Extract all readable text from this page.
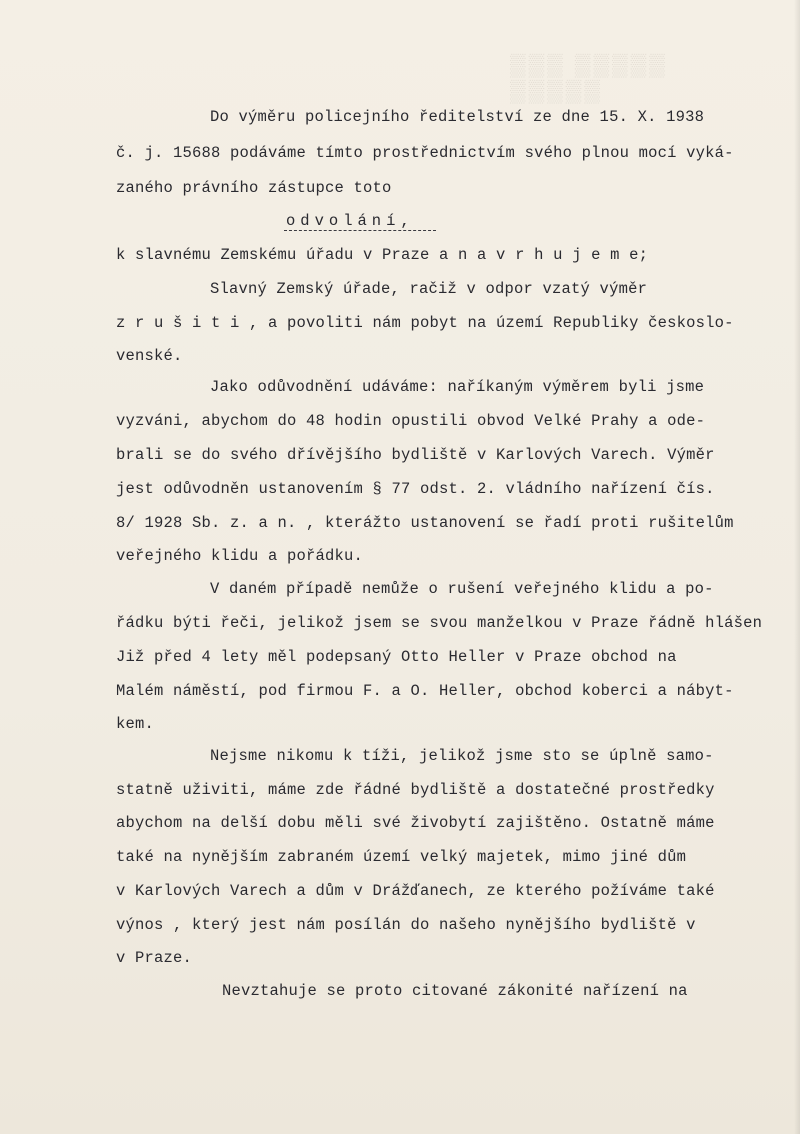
▒▒▒ ▒▒▒▒▒ ▒▒▒▒▒
Do výměru policejního ředitelství ze dne 15. X. 1938
č. j. 15688 podáváme tímto prostřednictvím svého plnou mocí vyká-
zaného právního zástupce toto
odvolání,
k slavnému Zemskému úřadu v Praze a n a v r h u j e m e;
Slavný Zemský úřade, račiž v odpor vzatý výměr
z r u š i t i , a povoliti nám pobyt na území Republiky českoslo-
venské.
Jako odůvodnění udáváme: naříkaným výměrem byli jsme
vyzváni, abychom do 48 hodin opustili obvod Velké Prahy a ode-
brali se do svého dřívějšího bydliště v Karlových Varech. Výměr
jest odůvodněn ustanovením § 77 odst. 2. vládního nařízení čís.
8/ 1928 Sb. z. a n. , kterážto ustanovení se řadí proti rušitelům
veřejného klidu a pořádku.
V daném případě nemůže o rušení veřejného klidu a po-
řádku býti řeči, jelikož jsem se svou manželkou v Praze řádně hlášen
Již před 4 lety měl podepsaný Otto Heller v Praze obchod na
Malém náměstí, pod firmou F. a O. Heller, obchod koberci a nábyt-
kem.
Nejsme nikomu k tíži, jelikož jsme sto se úplně samo-
statně uživiti, máme zde řádné bydliště a dostatečné prostředky
abychom na delší dobu měli své živobytí zajištěno. Ostatně máme
také na nynějším zabraném území velký majetek, mimo jiné dům
v Karlových Varech a dům v Drážďanech, ze kterého požíváme také
výnos , který jest nám posílán do našeho nynějšího bydliště v
v Praze.
Nevztahuje se proto citované zákonité nařízení na
